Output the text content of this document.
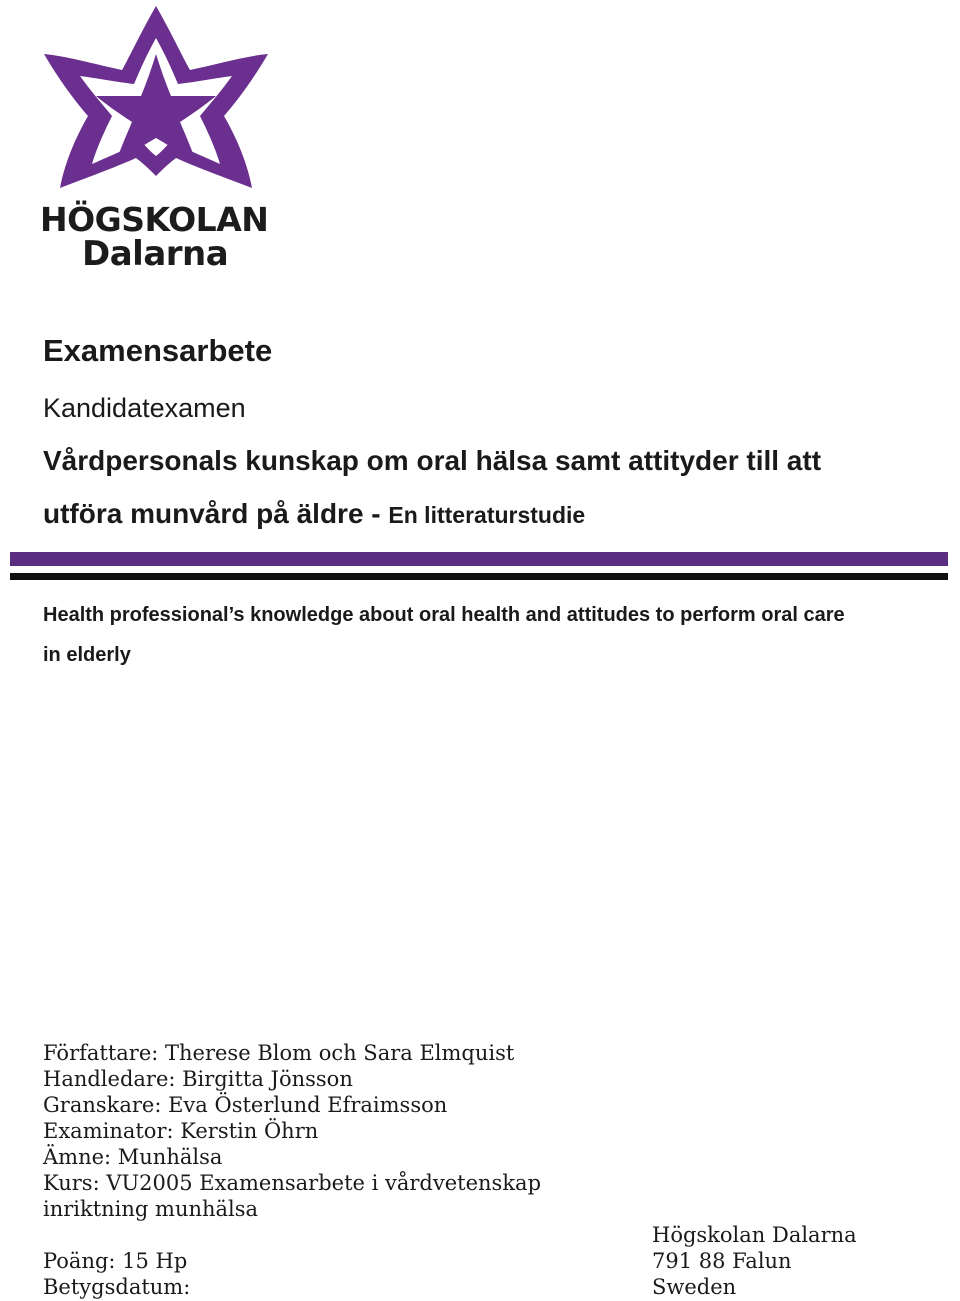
HÖGSKOLAN
Dalarna
Examensarbete
Kandidatexamen
Vårdpersonals kunskap om oral hälsa samt attityder till att
utföra munvård på äldre - En litteraturstudie
Health professional’s knowledge about oral health and attitudes to perform oral care
in elderly
Författare: Therese Blom och Sara Elmquist
Handledare: Birgitta Jönsson
Granskare: Eva Österlund Efraimsson
Examinator: Kerstin Öhrn
Ämne: Munhälsa
Kurs: VU2005 Examensarbete i vårdvetenskap
inriktning munhälsa
Poäng: 15 Hp
Betygsdatum:
Högskolan Dalarna
791 88 Falun
Sweden
